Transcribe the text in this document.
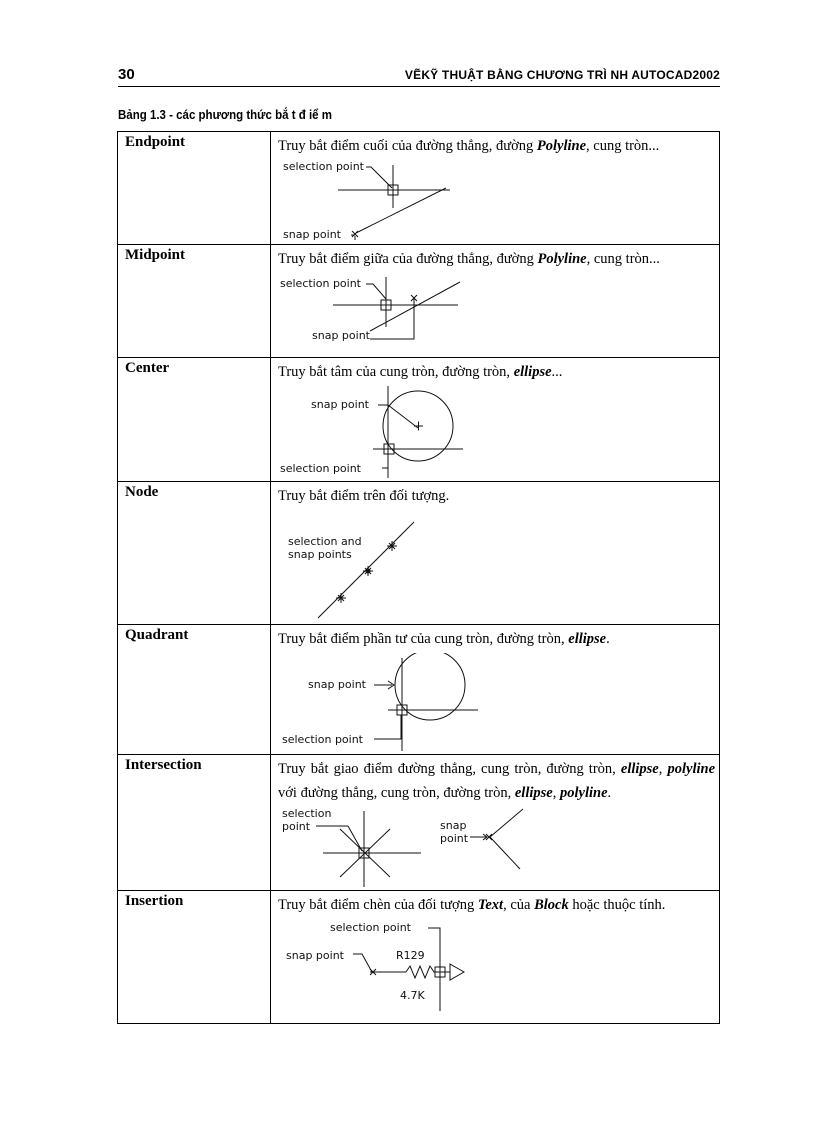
30	VẼKỸ THUẬT BẰNG CHƯƠNG TRÌ NH AUTOCAD2002
Bảng 1.3 - các phương thức bắ t đ iể m
Endpoint	Truy bắt điểm cuối của đường thẳng, đường Polyline, cung tròn...
selection point
snap point

Midpoint	Truy bắt điểm giữa của đường thẳng, đường Polyline, cung tròn...
selection point
snap point

Center	Truy bắt tâm của cung tròn, đường tròn, ellipse...
snap point
selection point

Node	Truy bắt điểm trên đối tượng.
selection and
snap points

Quadrant	Truy bắt điểm phần tư của cung tròn, đường tròn, ellipse.
snap point
selection point

Intersection	Truy bắt giao điểm đường thẳng, cung tròn, đường tròn, ellipse, polyline với đường thẳng, cung tròn, đường tròn, ellipse, polyline.
selection
point snap
point

Insertion	Truy bắt điểm chèn của đối tượng Text, của Block hoặc thuộc tính.
selection point
snap point R129
4.7K
